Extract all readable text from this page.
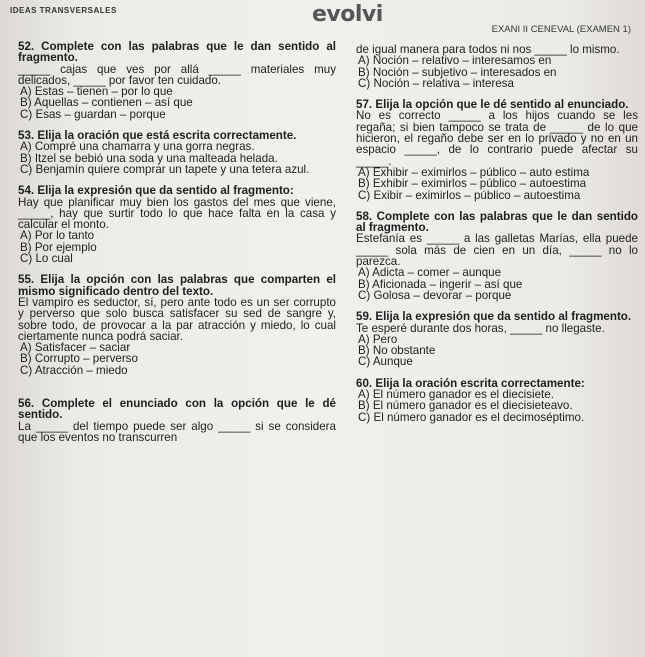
IDEAS TRANSVERSALES	evolvi
EXANI II CENEVAL (EXAMEN 1)

52. Complete con las palabras que le dan sentido al fragmento.

_____ cajas que ves por allá _____ materiales muy delicados, _____ por favor ten cuidado.

A) Estas – tienen – por lo que

B) Aquellas – contienen – así que

C) Esas – guardan – porque

53. Elija la oración que está escrita correctamente.

A) Compré una chamarra y una gorra negras.

B) Itzel se bebió una soda y una malteada helada.

C) Benjamín quiere comprar un tapete y una tetera azul.

54. Elija la expresión que da sentido al fragmento:

Hay que planificar muy bien los gastos del mes que viene, _____, hay que surtir todo lo que hace falta en la casa y calcular el monto.

A) Por lo tanto

B) Por ejemplo

C) Lo cual

55. Elija la opción con las palabras que comparten el mismo significado dentro del texto.

El vampiro es seductor, sí, pero ante todo es un ser corrupto y perverso que solo busca satisfacer su sed de sangre y, sobre todo, de provocar a la par atracción y miedo, lo cual ciertamente nunca podrá saciar.

A) Satisfacer – saciar

B) Corrupto – perverso

C) Atracción – miedo

56. Complete el enunciado con la opción que le dé sentido.

La _____ del tiempo puede ser algo _____ si se considera que los eventos no transcurren

de igual manera para todos ni nos _____ lo mismo.

A) Noción – relativo – interesamos en

B) Noción – subjetivo – interesados en

C) Noción – relativa – interesa

57. Elija la opción que le dé sentido al enunciado.

No es correcto _____ a los hijos cuando se les regaña; si bien tampoco se trata de _____ de lo que hicieron, el regaño debe ser en lo privado y no en un espacio _____, de lo contrario puede afectar su _____.

A) Exhibir – eximirlos – público – auto estima

B) Exhibir – eximirlos – público – autoestima

C) Exibir – eximirlos – público – autoestima

58. Complete con las palabras que le dan sentido al fragmento.

Estefanía es _____ a las galletas Marías, ella puede _____ sola más de cien en un día, _____ no lo parezca.

A) Adicta – comer – aunque

B) Aficionada – ingerir – así que

C) Golosa – devorar – porque

59. Elija la expresión que da sentido al fragmento.

Te esperé durante dos horas, _____ no llegaste.

A) Pero

B) No obstante

C) Aunque

60. Elija la oración escrita correctamente:

A) El número ganador es el diecisiete.

B) El número ganador es el diecisieteavo.

C) El número ganador es el decimoséptimo.
